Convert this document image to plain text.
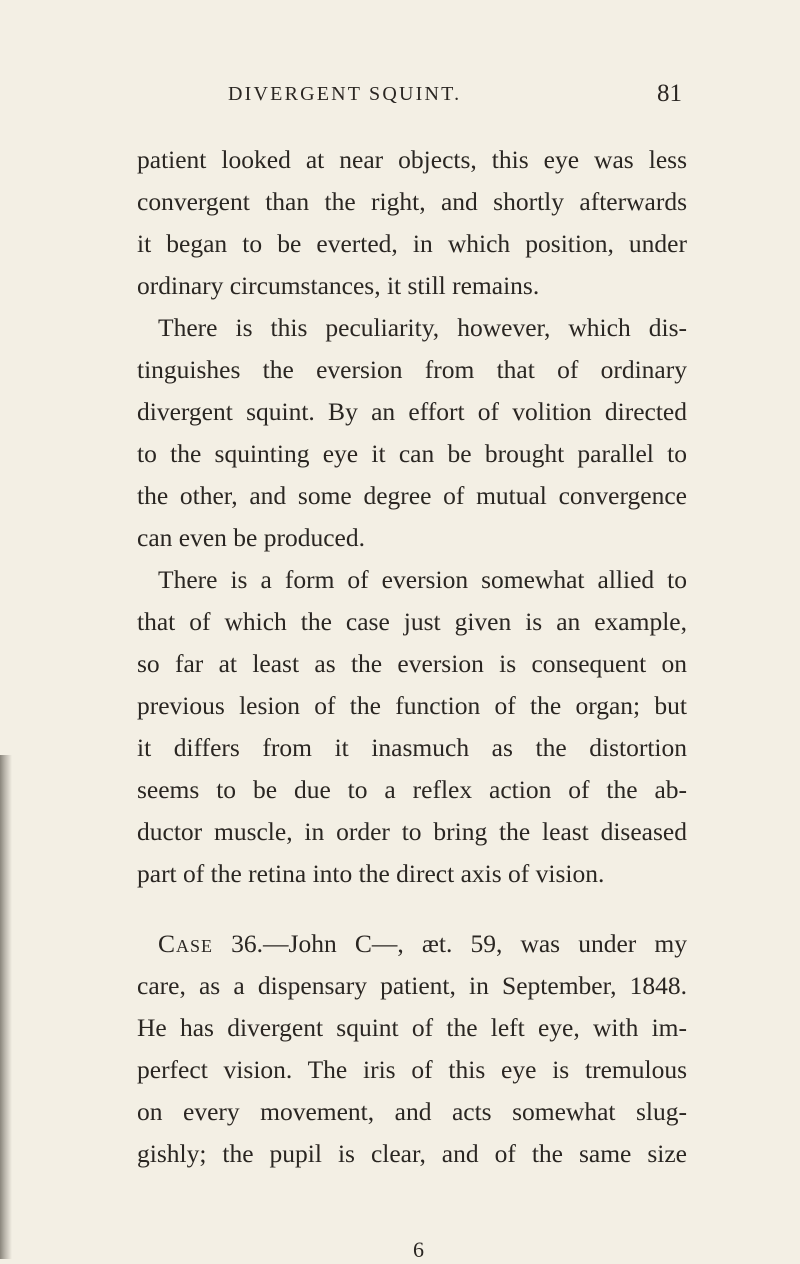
DIVERGENT SQUINT.	81
patient looked at near objects, this eye was less
convergent than the right, and shortly afterwards
it began to be everted, in which position, under
ordinary circumstances, it still remains.
There is this peculiarity, however, which dis-
tinguishes the eversion from that of ordinary
divergent squint. By an effort of volition directed
to the squinting eye it can be brought parallel to
the other, and some degree of mutual convergence
can even be produced.
There is a form of eversion somewhat allied to
that of which the case just given is an example,
so far at least as the eversion is consequent on
previous lesion of the function of the organ; but
it differs from it inasmuch as the distortion
seems to be due to a reflex action of the ab-
ductor muscle, in order to bring the least diseased
part of the retina into the direct axis of vision.
Case 36.—John C—, æt. 59, was under my
care, as a dispensary patient, in September, 1848.
He has divergent squint of the left eye, with im-
perfect vision. The iris of this eye is tremulous
on every movement, and acts somewhat slug-
gishly; the pupil is clear, and of the same size
6
